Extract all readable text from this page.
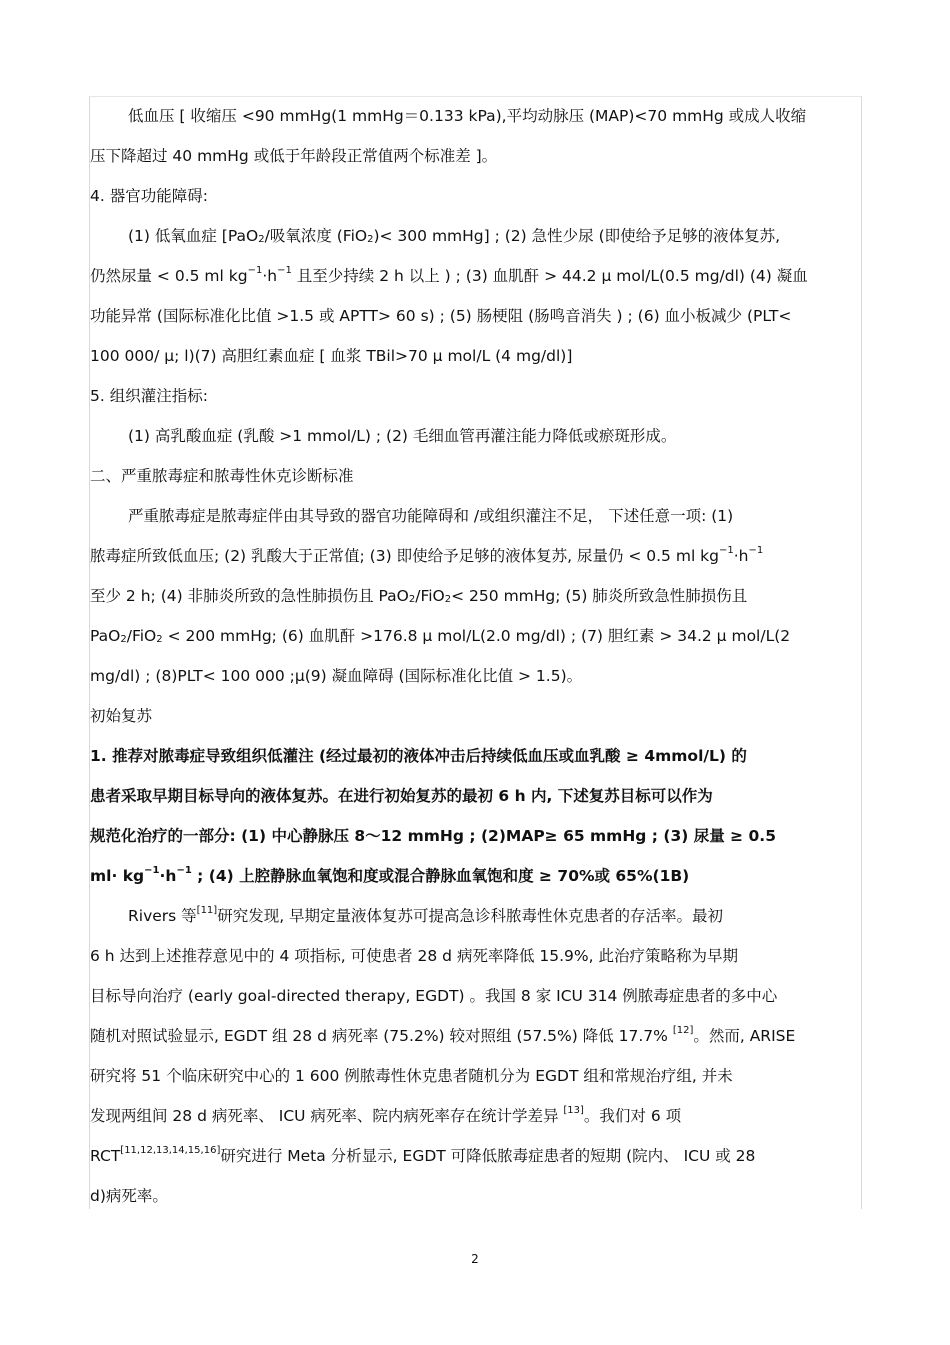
低血压 [ 收缩压 <90 mmHg(1 mmHg＝0.133 kPa),平均动脉压 (MAP)<70 mmHg 或成人收缩
压下降超过 40 mmHg 或低于年龄段正常值两个标准差 ]。
4. 器官功能障碍:
(1) 低氧血症 [PaO$_2$/吸氧浓度 (FiO$_2$)< 300 mmHg] ; (2) 急性少尿 (即使给予足够的液体复苏,
仍然尿量 < 0.5 ml $kg^{-1}\cdot h^{-1}$ 且至少持续 2 h 以上 ) ; (3) 血肌酐 > 44.2 μ mol/L(0.5 mg/dl) (4) 凝血
功能异常 (国际标准化比值 >1.5 或 APTT> 60 s) ; (5) 肠梗阻 (肠鸣音消失 ) ; (6) 血小板减少 (PLT<
100 000/ μ; l)(7) 高胆红素血症 [ 血浆 TBil>70 μ mol/L (4 mg/dl)]
5. 组织灌注指标:
(1) 高乳酸血症 (乳酸 >1 mmol/L) ; (2) 毛细血管再灌注能力降低或瘀斑形成。
二、严重脓毒症和脓毒性休克诊断标准
严重脓毒症是脓毒症伴由其导致的器官功能障碍和 /或组织灌注不足， 下述任意一项: (1)
脓毒症所致低血压; (2) 乳酸大于正常值; (3) 即使给予足够的液体复苏, 尿量仍 < 0.5 ml $kg^{-1}\cdot h^{-1}$
至少 2 h; (4) 非肺炎所致的急性肺损伤且 PaO$_2$/FiO$_2$< 250 mmHg; (5) 肺炎所致急性肺损伤且
PaO$_2$/FiO$_2$ < 200 mmHg; (6) 血肌酐 >176.8 μ mol/L(2.0 mg/dl) ; (7) 胆红素 > 34.2 μ mol/L(2
mg/dl) ; (8)PLT< 100 000 ;μ(9) 凝血障碍 (国际标准化比值 > 1.5)。
初始复苏
1. 推荐对脓毒症导致组织低灌注 (经过最初的液体冲击后持续低血压或血乳酸 ≥ 4mmol/L) 的
患者采取早期目标导向的液体复苏。在进行初始复苏的最初 6 h 内, 下述复苏目标可以作为
规范化治疗的一部分: (1) 中心静脉压 8～12 mmHg ; (2)MAP≥ 65 mmHg ; (3) 尿量 ≥ 0.5
$ml\cdot kg^{-1}\cdot h^{-1}$ ; (4) 上腔静脉血氧饱和度或混合静脉血氧饱和度 ≥ 70%或 65%(1B)
Rivers 等[11]研究发现, 早期定量液体复苏可提高急诊科脓毒性休克患者的存活率。最初
6 h 达到上述推荐意见中的 4 项指标, 可使患者 28 d 病死率降低 15.9%, 此治疗策略称为早期
目标导向治疗 (early goal-directed therapy, EGDT) 。我国 8 家 ICU 314 例脓毒症患者的多中心
随机对照试验显示, EGDT 组 28 d 病死率 (75.2%) 较对照组 (57.5%) 降低 17.7% [12]。然而, ARISE
研究将 51 个临床研究中心的 1 600 例脓毒性休克患者随机分为 EGDT 组和常规治疗组, 并未
发现两组间 28 d 病死率、 ICU 病死率、院内病死率存在统计学差异 [13]。我们对 6 项
RCT[11,12,13,14,15,16]研究进行 Meta 分析显示, EGDT 可降低脓毒症患者的短期 (院内、 ICU 或 28
d)病死率。
2
